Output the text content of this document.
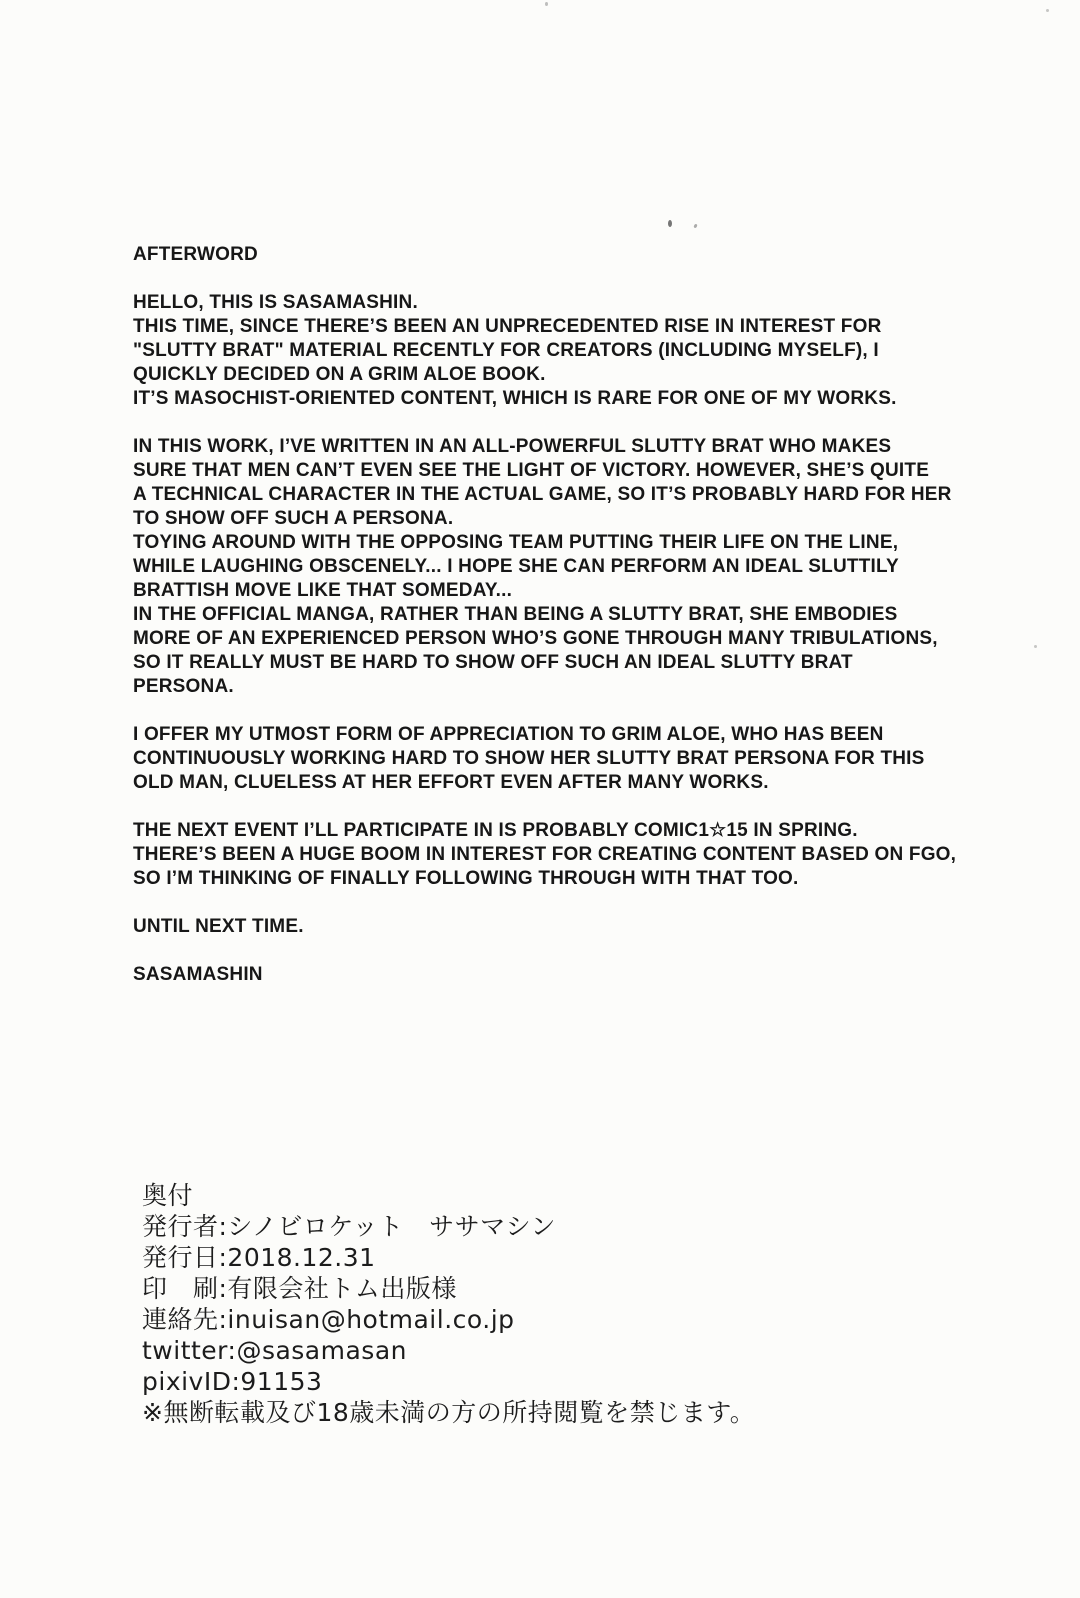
AFTERWORD
HELLO, THIS IS SASAMASHIN.
THIS TIME, SINCE THERE’S BEEN AN UNPRECEDENTED RISE IN INTEREST FOR
"SLUTTY BRAT" MATERIAL RECENTLY FOR CREATORS (INCLUDING MYSELF), I
QUICKLY DECIDED ON A GRIM ALOE BOOK.
IT’S MASOCHIST-ORIENTED CONTENT, WHICH IS RARE FOR ONE OF MY WORKS.
IN THIS WORK, I’VE WRITTEN IN AN ALL-POWERFUL SLUTTY BRAT WHO MAKES
SURE THAT MEN CAN’T EVEN SEE THE LIGHT OF VICTORY. HOWEVER, SHE’S QUITE
A TECHNICAL CHARACTER IN THE ACTUAL GAME, SO IT’S PROBABLY HARD FOR HER
TO SHOW OFF SUCH A PERSONA.
TOYING AROUND WITH THE OPPOSING TEAM PUTTING THEIR LIFE ON THE LINE,
WHILE LAUGHING OBSCENELY... I HOPE SHE CAN PERFORM AN IDEAL SLUTTILY
BRATTISH MOVE LIKE THAT SOMEDAY...
IN THE OFFICIAL MANGA, RATHER THAN BEING A SLUTTY BRAT, SHE EMBODIES
MORE OF AN EXPERIENCED PERSON WHO’S GONE THROUGH MANY TRIBULATIONS,
SO IT REALLY MUST BE HARD TO SHOW OFF SUCH AN IDEAL SLUTTY BRAT
PERSONA.
I OFFER MY UTMOST FORM OF APPRECIATION TO GRIM ALOE, WHO HAS BEEN
CONTINUOUSLY WORKING HARD TO SHOW HER SLUTTY BRAT PERSONA FOR THIS
OLD MAN, CLUELESS AT HER EFFORT EVEN AFTER MANY WORKS.
THE NEXT EVENT I’LL PARTICIPATE IN IS PROBABLY COMIC1☆15 IN SPRING.
THERE’S BEEN A HUGE BOOM IN INTEREST FOR CREATING CONTENT BASED ON FGO,
SO I’M THINKING OF FINALLY FOLLOWING THROUGH WITH THAT TOO.
UNTIL NEXT TIME.
SASAMASHIN
奥付
発行者:シノビロケット　ササマシン
発行日:2018.12.31
印　刷:有限会社トム出版様
連絡先:inuisan@hotmail.co.jp
twitter:@sasamasan
pixivID:91153
※無断転載及び18歳未満の方の所持閲覧を禁じます。
